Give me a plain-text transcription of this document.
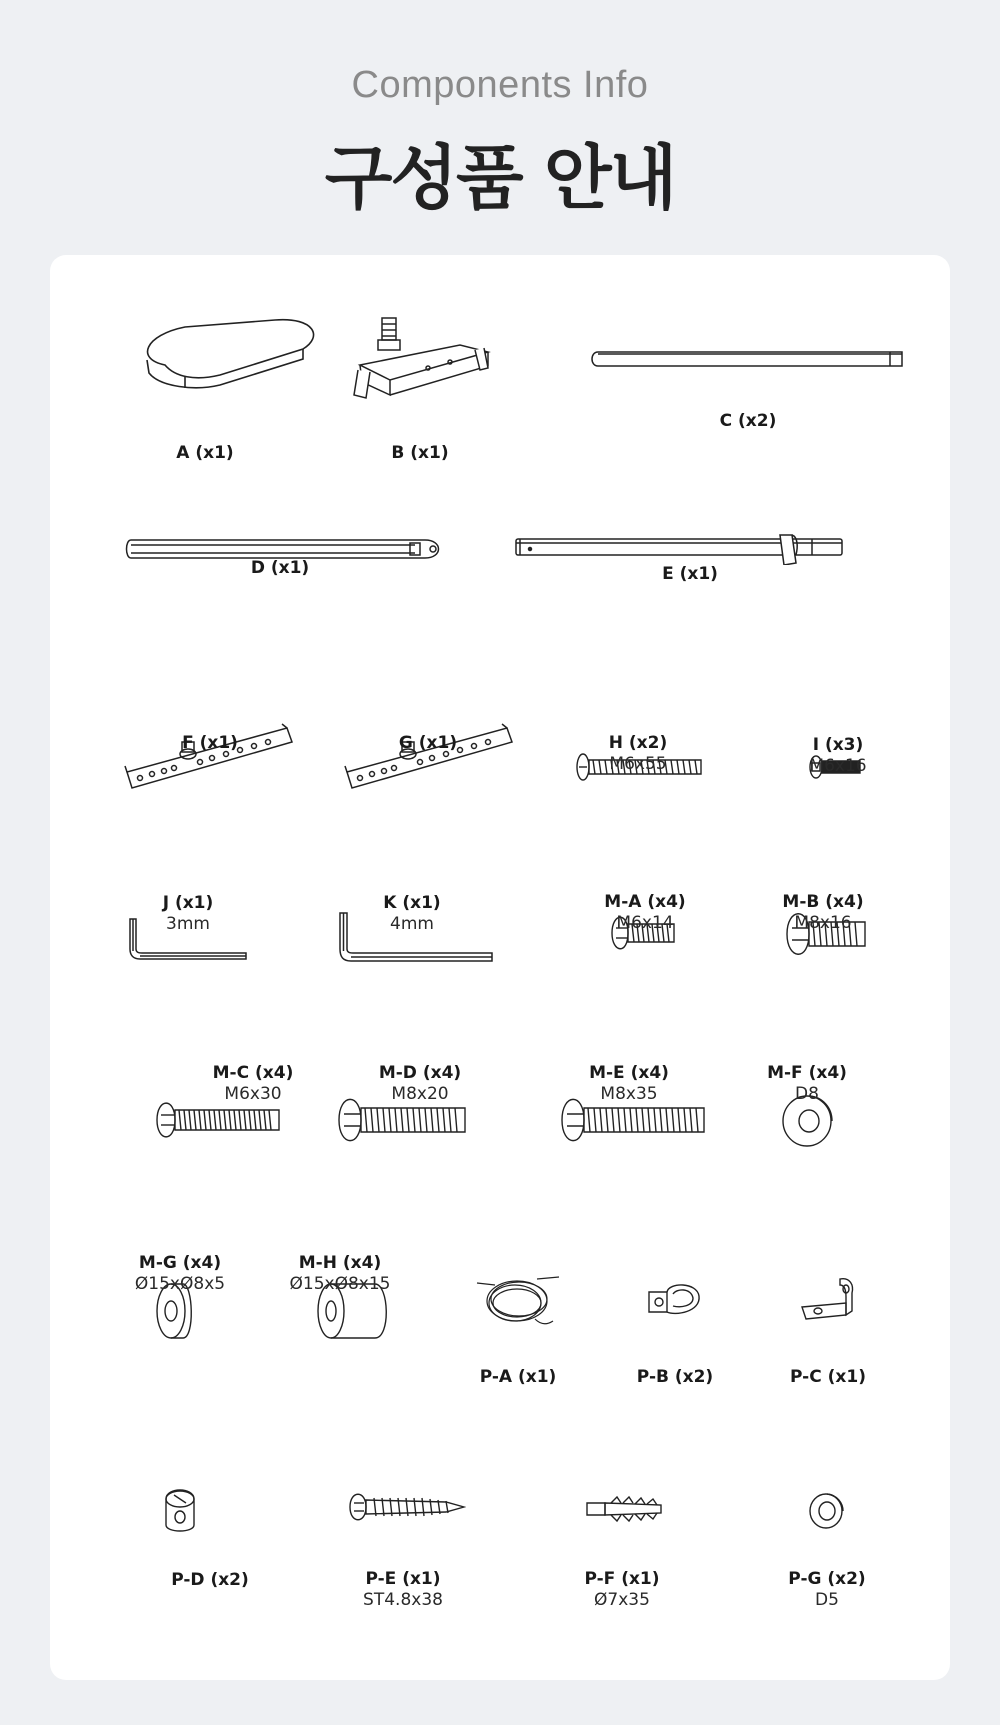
Components Info
구성품 안내
A (x1)	B (x1)
C (x2)
D (x1)	E (x1)
F (x1)	G (x1)	H (x2)
M6x55
I (x3)
M6x16
J (x1)
3mm
K (x1)
4mm
M-A (x4)
M6x14
M-B (x4)
M8x16
M-C (x4)
M6x30
M-D (x4)
M8x20
M-E (x4)
M8x35
M-F (x4)
D8
M-G (x4)
Ø15xØ8x5
M-H (x4)
Ø15xØ8x15
P-A (x1)	P-B (x2)	P-C (x1)
P-D (x2)	P-E (x1)
ST4.8x38
P-F (x1)
Ø7x35
P-G (x2)
D5
